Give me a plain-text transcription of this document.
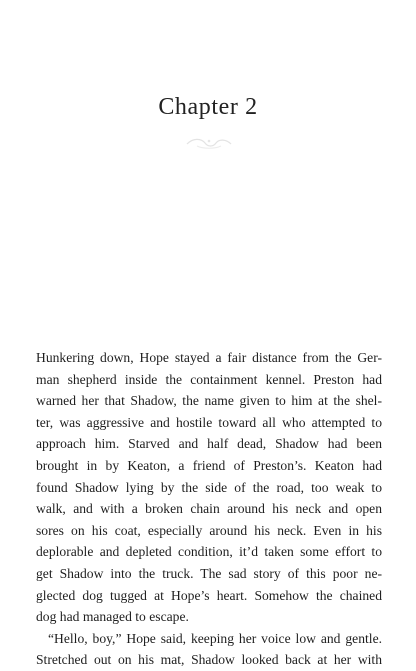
Chapter 2
Hunkering down, Hope stayed a fair distance from the Ger-
man shepherd inside the containment kennel. Preston had
warned her that Shadow, the name given to him at the shel-
ter, was aggressive and hostile toward all who attempted to
approach him. Starved and half dead, Shadow had been
brought in by Keaton, a friend of Preston’s. Keaton had
found Shadow lying by the side of the road, too weak to
walk, and with a broken chain around his neck and open
sores on his coat, especially around his neck. Even in his
deplorable and depleted condition, it’d taken some effort to
get Shadow into the truck. The sad story of this poor ne-
glected dog tugged at Hope’s heart. Somehow the chained
dog had managed to escape.
“Hello, boy,” Hope said, keeping her voice low and gentle.
Stretched out on his mat, Shadow looked back at her with
